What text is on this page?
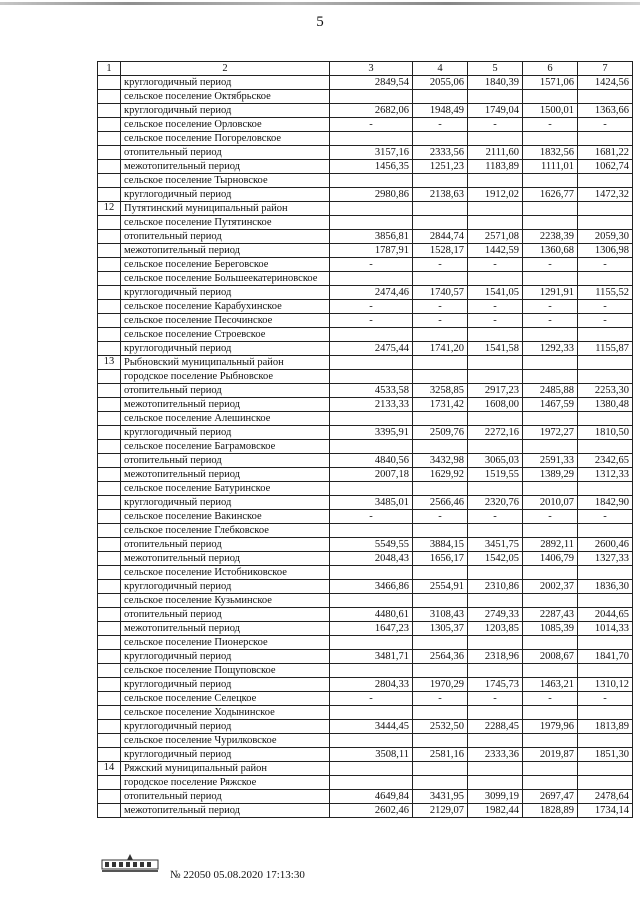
5
1	2	3	4	5	6	7
	круглогодичный период	2849,54	2055,06	1840,39	1571,06	1424,56
	сельское поселение Октябрьское					
	круглогодичный период	2682,06	1948,49	1749,04	1500,01	1363,66
	сельское поселение Орловское	-	-	-	-	-
	сельское поселение Погореловское					
	отопительный период	3157,16	2333,56	2111,60	1832,56	1681,22
	межотопительный период	1456,35	1251,23	1183,89	1111,01	1062,74
	сельское поселение Тырновское					
	круглогодичный период	2980,86	2138,63	1912,02	1626,77	1472,32
12	Путятинский муниципальный район					
	сельское поселение Путятинское					
	отопительный период	3856,81	2844,74	2571,08	2238,39	2059,30
	межотопительный период	1787,91	1528,17	1442,59	1360,68	1306,98
	сельское поселение Береговское	-	-	-	-	-
	сельское поселение Большеекатериновское					
	круглогодичный период	2474,46	1740,57	1541,05	1291,91	1155,52
	сельское поселение Карабухинское	-	-	-	-	-
	сельское поселение Песочинское	-	-	-	-	-
	сельское поселение Строевское					
	круглогодичный период	2475,44	1741,20	1541,58	1292,33	1155,87
13	Рыбновский муниципальный район					
	городское поселение Рыбновское					
	отопительный период	4533,58	3258,85	2917,23	2485,88	2253,30
	межотопительный период	2133,33	1731,42	1608,00	1467,59	1380,48
	сельское поселение Алешинское					
	круглогодичный период	3395,91	2509,76	2272,16	1972,27	1810,50
	сельское поселение Баграмовское					
	отопительный период	4840,56	3432,98	3065,03	2591,33	2342,65
	межотопительный период	2007,18	1629,92	1519,55	1389,29	1312,33
	сельское поселение Батуринское					
	круглогодичный период	3485,01	2566,46	2320,76	2010,07	1842,90
	сельское поселение Вакинское	-	-	-	-	-
	сельское поселение Глебковское					
	отопительный период	5549,55	3884,15	3451,75	2892,11	2600,46
	межотопительный период	2048,43	1656,17	1542,05	1406,79	1327,33
	сельское поселение Истобниковское					
	круглогодичный период	3466,86	2554,91	2310,86	2002,37	1836,30
	сельское поселение Кузьминское					
	отопительный период	4480,61	3108,43	2749,33	2287,43	2044,65
	межотопительный период	1647,23	1305,37	1203,85	1085,39	1014,33
	сельское поселение Пионерское					
	круглогодичный период	3481,71	2564,36	2318,96	2008,67	1841,70
	сельское поселение Пощуповское					
	круглогодичный период	2804,33	1970,29	1745,73	1463,21	1310,12
	сельское поселение Селецкое	-	-	-	-	-
	сельское поселение Ходынинское					
	круглогодичный период	3444,45	2532,50	2288,45	1979,96	1813,89
	сельское поселение Чурилковское					
	круглогодичный период	3508,11	2581,16	2333,36	2019,87	1851,30
14	Ряжский муниципальный район					
	городское поселение Ряжское					
	отопительный период	4649,84	3431,95	3099,19	2697,47	2478,64
	межотопительный период	2602,46	2129,07	1982,44	1828,89	1734,14
№ 22050 05.08.2020 17:13:30
